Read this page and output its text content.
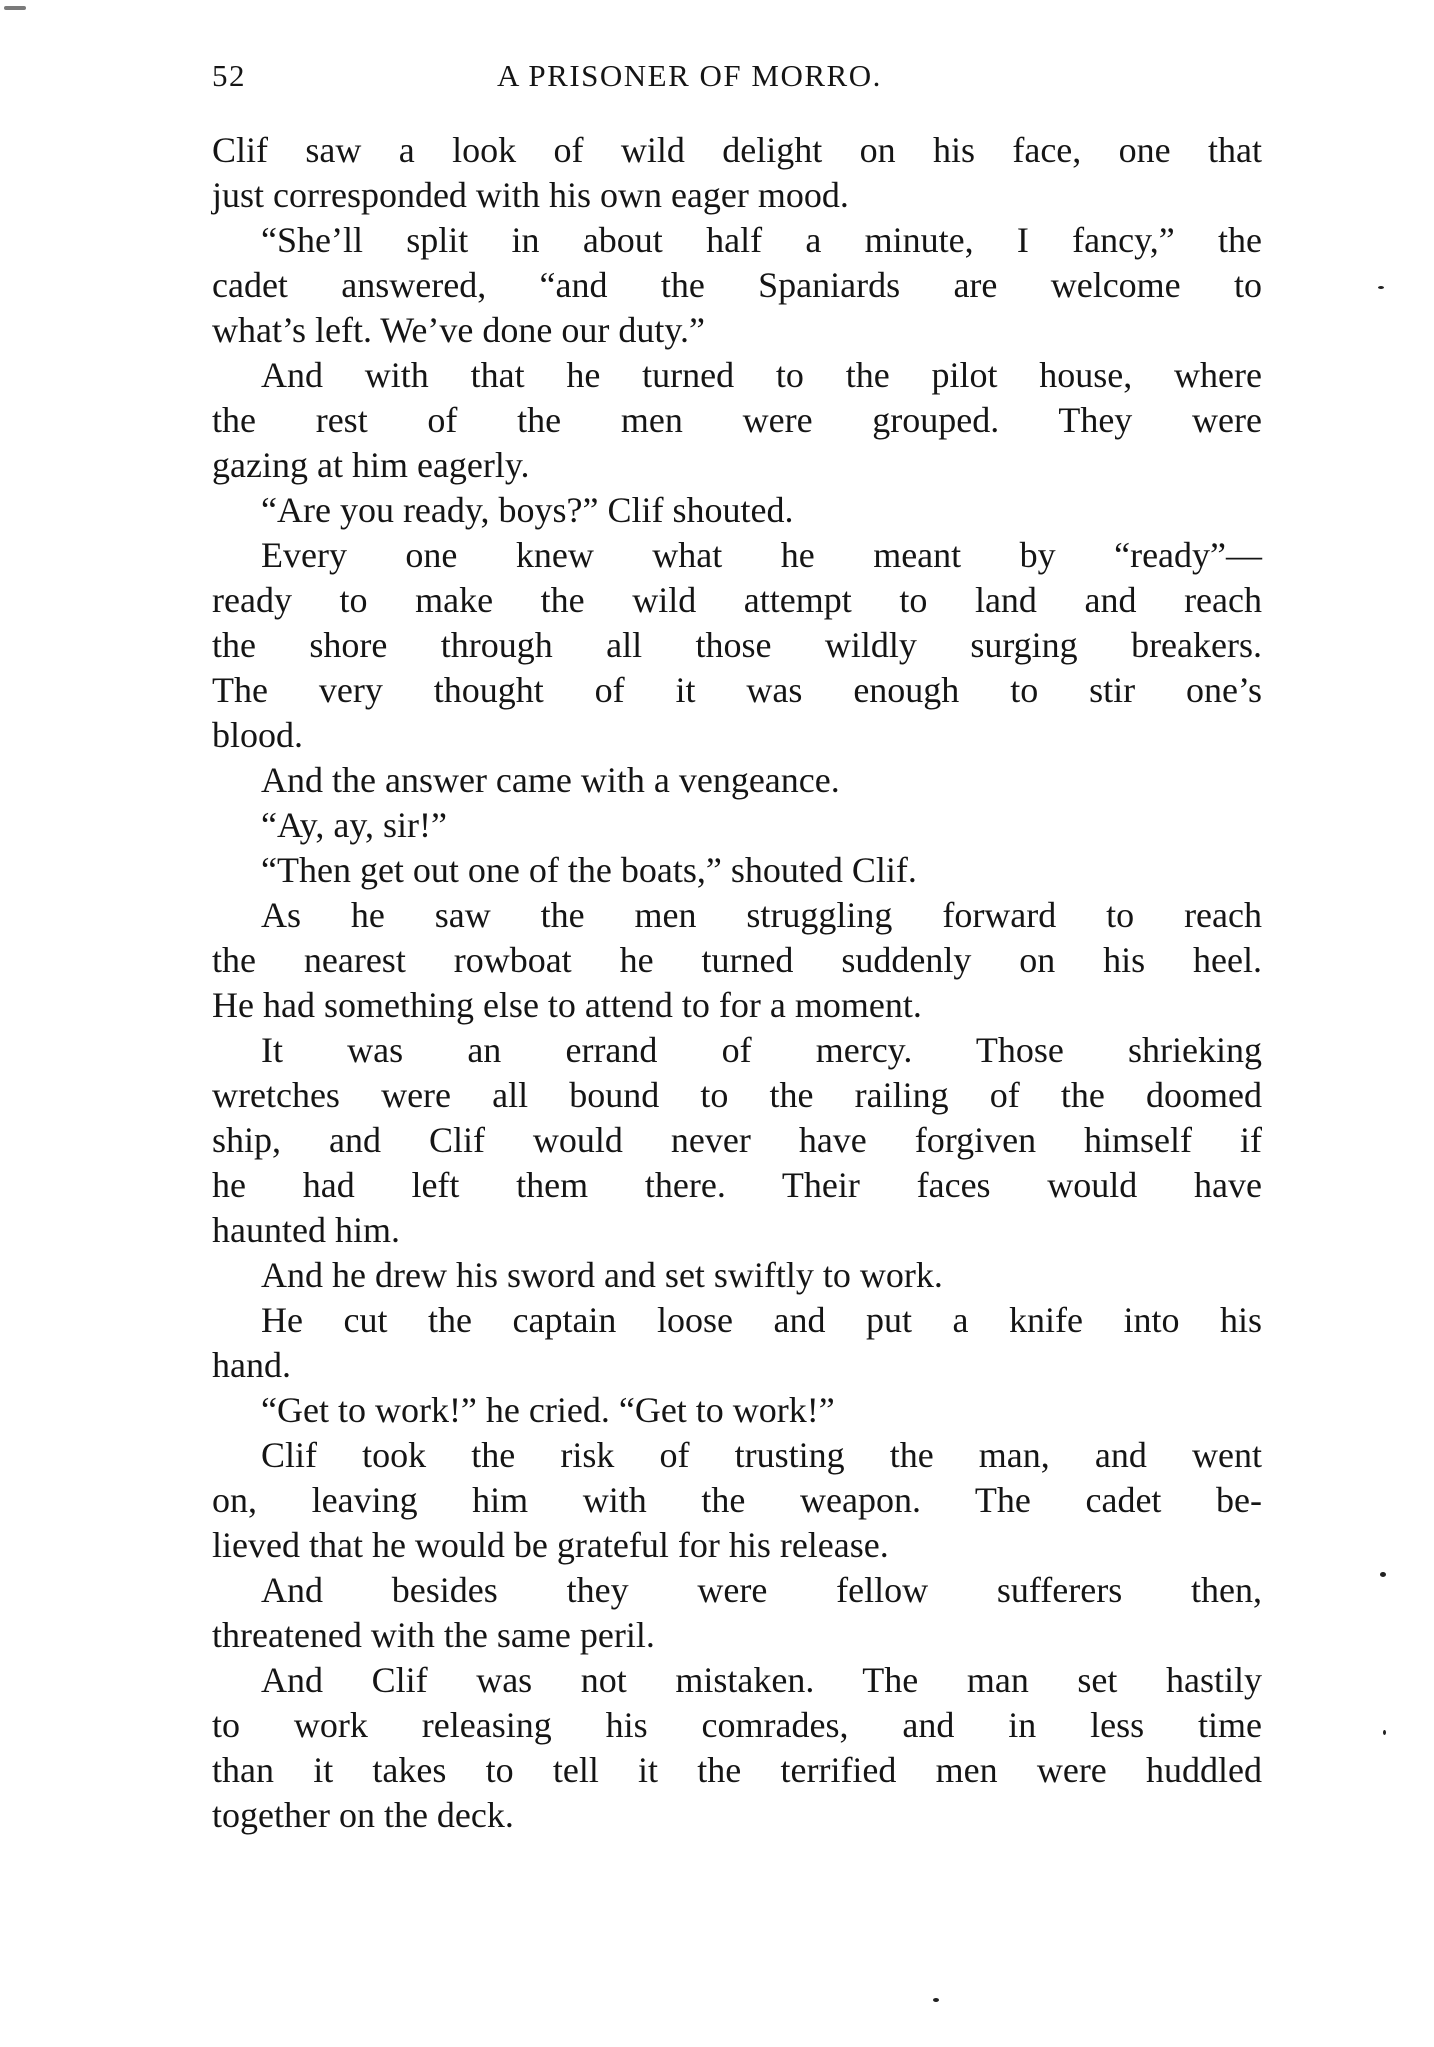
52	A PRISONER OF MORRO.
Clif saw a look of wild delight on his face, one that
just corresponded with his own eager mood.
“She’ll split in about half a minute, I fancy,” the
cadet answered, “and the Spaniards are welcome to
what’s left. We’ve done our duty.”
And with that he turned to the pilot house, where
the rest of the men were grouped. They were
gazing at him eagerly.
“Are you ready, boys?” Clif shouted.
Every one knew what he meant by “ready”—
ready to make the wild attempt to land and reach
the shore through all those wildly surging breakers.
The very thought of it was enough to stir one’s
blood.
And the answer came with a vengeance.
“Ay, ay, sir!”
“Then get out one of the boats,” shouted Clif.
As he saw the men struggling forward to reach
the nearest rowboat he turned suddenly on his heel.
He had something else to attend to for a moment.
It was an errand of mercy. Those shrieking
wretches were all bound to the railing of the doomed
ship, and Clif would never have forgiven himself if
he had left them there. Their faces would have
haunted him.
And he drew his sword and set swiftly to work.
He cut the captain loose and put a knife into his
hand.
“Get to work!” he cried. “Get to work!”
Clif took the risk of trusting the man, and went
on, leaving him with the weapon. The cadet be-
lieved that he would be grateful for his release.
And besides they were fellow sufferers then,
threatened with the same peril.
And Clif was not mistaken. The man set hastily
to work releasing his comrades, and in less time
than it takes to tell it the terrified men were huddled
together on the deck.
